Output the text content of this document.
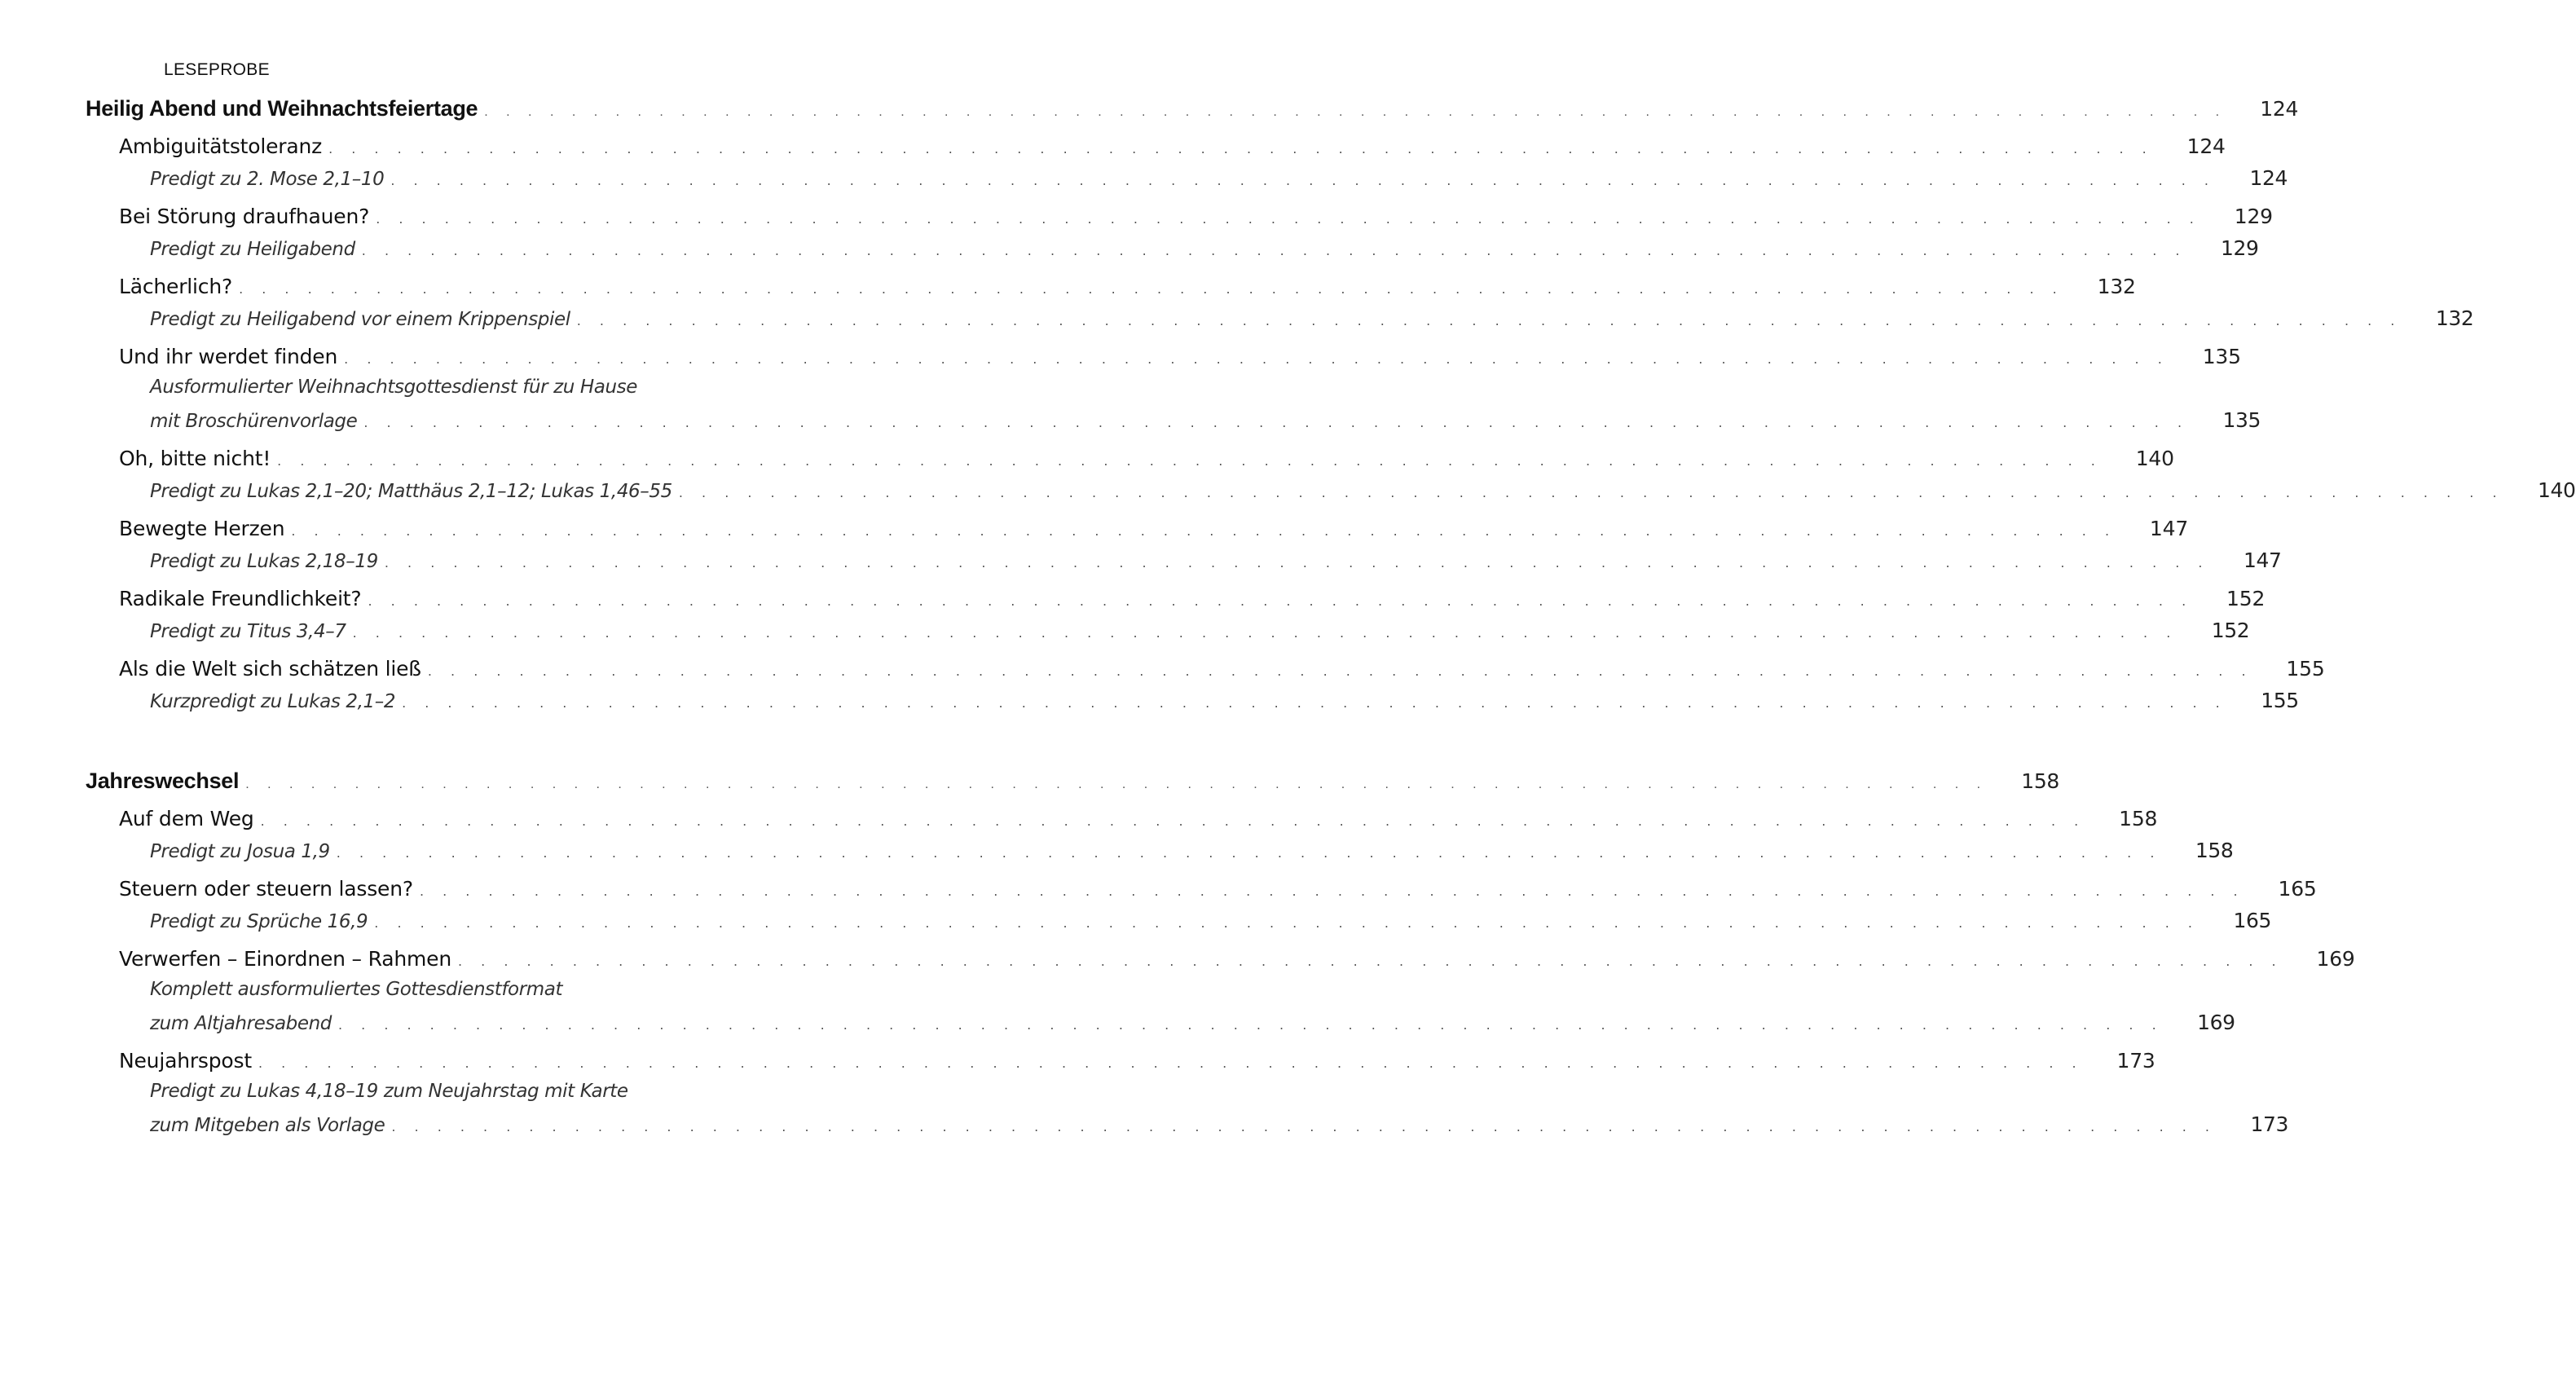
LESEPROBE
Heilig Abend und Weihnachtsfeiertage . . . . . . . . . . . . . . . . . . . . . . . . . . . . . . . . . . . . . . . . . . . . . . . . . . . . . . . . . . . . . . . . . . . . . . . . . . . . . . . .	124
Ambiguitätstoleranz . . . . . . . . . . . . . . . . . . . . . . . . . . . . . . . . . . . . . . . . . . . . . . . . . . . . . . . . . . . . . . . . . . . . . . . . . . . . . . . .	124
Predigt zu 2. Mose 2,1–10 . . . . . . . . . . . . . . . . . . . . . . . . . . . . . . . . . . . . . . . . . . . . . . . . . . . . . . . . . . . . . . . . . . . . . . . . . . . . . . . .	124
Bei Störung draufhauen? . . . . . . . . . . . . . . . . . . . . . . . . . . . . . . . . . . . . . . . . . . . . . . . . . . . . . . . . . . . . . . . . . . . . . . . . . . . . . . . .	129
Predigt zu Heiligabend . . . . . . . . . . . . . . . . . . . . . . . . . . . . . . . . . . . . . . . . . . . . . . . . . . . . . . . . . . . . . . . . . . . . . . . . . . . . . . . .	129
Lächerlich? . . . . . . . . . . . . . . . . . . . . . . . . . . . . . . . . . . . . . . . . . . . . . . . . . . . . . . . . . . . . . . . . . . . . . . . . . . . . . . . .	132
Predigt zu Heiligabend vor einem Krippenspiel . . . . . . . . . . . . . . . . . . . . . . . . . . . . . . . . . . . . . . . . . . . . . . . . . . . . . . . . . . . . . . . . . . . . . . . . . . . . . . . .	132
Und ihr werdet finden . . . . . . . . . . . . . . . . . . . . . . . . . . . . . . . . . . . . . . . . . . . . . . . . . . . . . . . . . . . . . . . . . . . . . . . . . . . . . . . .	135
Ausformulierter Weihnachtsgottesdienst für zu Hause
mit Broschürenvorlage . . . . . . . . . . . . . . . . . . . . . . . . . . . . . . . . . . . . . . . . . . . . . . . . . . . . . . . . . . . . . . . . . . . . . . . . . . . . . . . .	135
Oh, bitte nicht! . . . . . . . . . . . . . . . . . . . . . . . . . . . . . . . . . . . . . . . . . . . . . . . . . . . . . . . . . . . . . . . . . . . . . . . . . . . . . . . .	140
Predigt zu Lukas 2,1–20; Matthäus 2,1–12; Lukas 1,46–55 . . . . . . . . . . . . . . . . . . . . . . . . . . . . . . . . . . . . . . . . . . . . . . . . . . . . . . . . . . . . . . . . . . . . . . . . . . . . . . . .	140
Bewegte Herzen . . . . . . . . . . . . . . . . . . . . . . . . . . . . . . . . . . . . . . . . . . . . . . . . . . . . . . . . . . . . . . . . . . . . . . . . . . . . . . . .	147
Predigt zu Lukas 2,18–19 . . . . . . . . . . . . . . . . . . . . . . . . . . . . . . . . . . . . . . . . . . . . . . . . . . . . . . . . . . . . . . . . . . . . . . . . . . . . . . . .	147
Radikale Freundlichkeit? . . . . . . . . . . . . . . . . . . . . . . . . . . . . . . . . . . . . . . . . . . . . . . . . . . . . . . . . . . . . . . . . . . . . . . . . . . . . . . . .	152
Predigt zu Titus 3,4–7 . . . . . . . . . . . . . . . . . . . . . . . . . . . . . . . . . . . . . . . . . . . . . . . . . . . . . . . . . . . . . . . . . . . . . . . . . . . . . . . .	152
Als die Welt sich schätzen ließ . . . . . . . . . . . . . . . . . . . . . . . . . . . . . . . . . . . . . . . . . . . . . . . . . . . . . . . . . . . . . . . . . . . . . . . . . . . . . . . .	155
Kurzpredigt zu Lukas 2,1–2 . . . . . . . . . . . . . . . . . . . . . . . . . . . . . . . . . . . . . . . . . . . . . . . . . . . . . . . . . . . . . . . . . . . . . . . . . . . . . . . .	155
Jahreswechsel . . . . . . . . . . . . . . . . . . . . . . . . . . . . . . . . . . . . . . . . . . . . . . . . . . . . . . . . . . . . . . . . . . . . . . . . . . . . . . . .	158
Auf dem Weg . . . . . . . . . . . . . . . . . . . . . . . . . . . . . . . . . . . . . . . . . . . . . . . . . . . . . . . . . . . . . . . . . . . . . . . . . . . . . . . .	158
Predigt zu Josua 1,9 . . . . . . . . . . . . . . . . . . . . . . . . . . . . . . . . . . . . . . . . . . . . . . . . . . . . . . . . . . . . . . . . . . . . . . . . . . . . . . . .	158
Steuern oder steuern lassen? . . . . . . . . . . . . . . . . . . . . . . . . . . . . . . . . . . . . . . . . . . . . . . . . . . . . . . . . . . . . . . . . . . . . . . . . . . . . . . . .	165
Predigt zu Sprüche 16,9 . . . . . . . . . . . . . . . . . . . . . . . . . . . . . . . . . . . . . . . . . . . . . . . . . . . . . . . . . . . . . . . . . . . . . . . . . . . . . . . .	165
Verwerfen – Einordnen – Rahmen . . . . . . . . . . . . . . . . . . . . . . . . . . . . . . . . . . . . . . . . . . . . . . . . . . . . . . . . . . . . . . . . . . . . . . . . . . . . . . . .	169
Komplett ausformuliertes Gottesdienstformat
zum Altjahresabend . . . . . . . . . . . . . . . . . . . . . . . . . . . . . . . . . . . . . . . . . . . . . . . . . . . . . . . . . . . . . . . . . . . . . . . . . . . . . . . .	169
Neujahrspost . . . . . . . . . . . . . . . . . . . . . . . . . . . . . . . . . . . . . . . . . . . . . . . . . . . . . . . . . . . . . . . . . . . . . . . . . . . . . . . .	173
Predigt zu Lukas 4,18–19 zum Neujahrstag mit Karte
zum Mitgeben als Vorlage . . . . . . . . . . . . . . . . . . . . . . . . . . . . . . . . . . . . . . . . . . . . . . . . . . . . . . . . . . . . . . . . . . . . . . . . . . . . . . . .	173
